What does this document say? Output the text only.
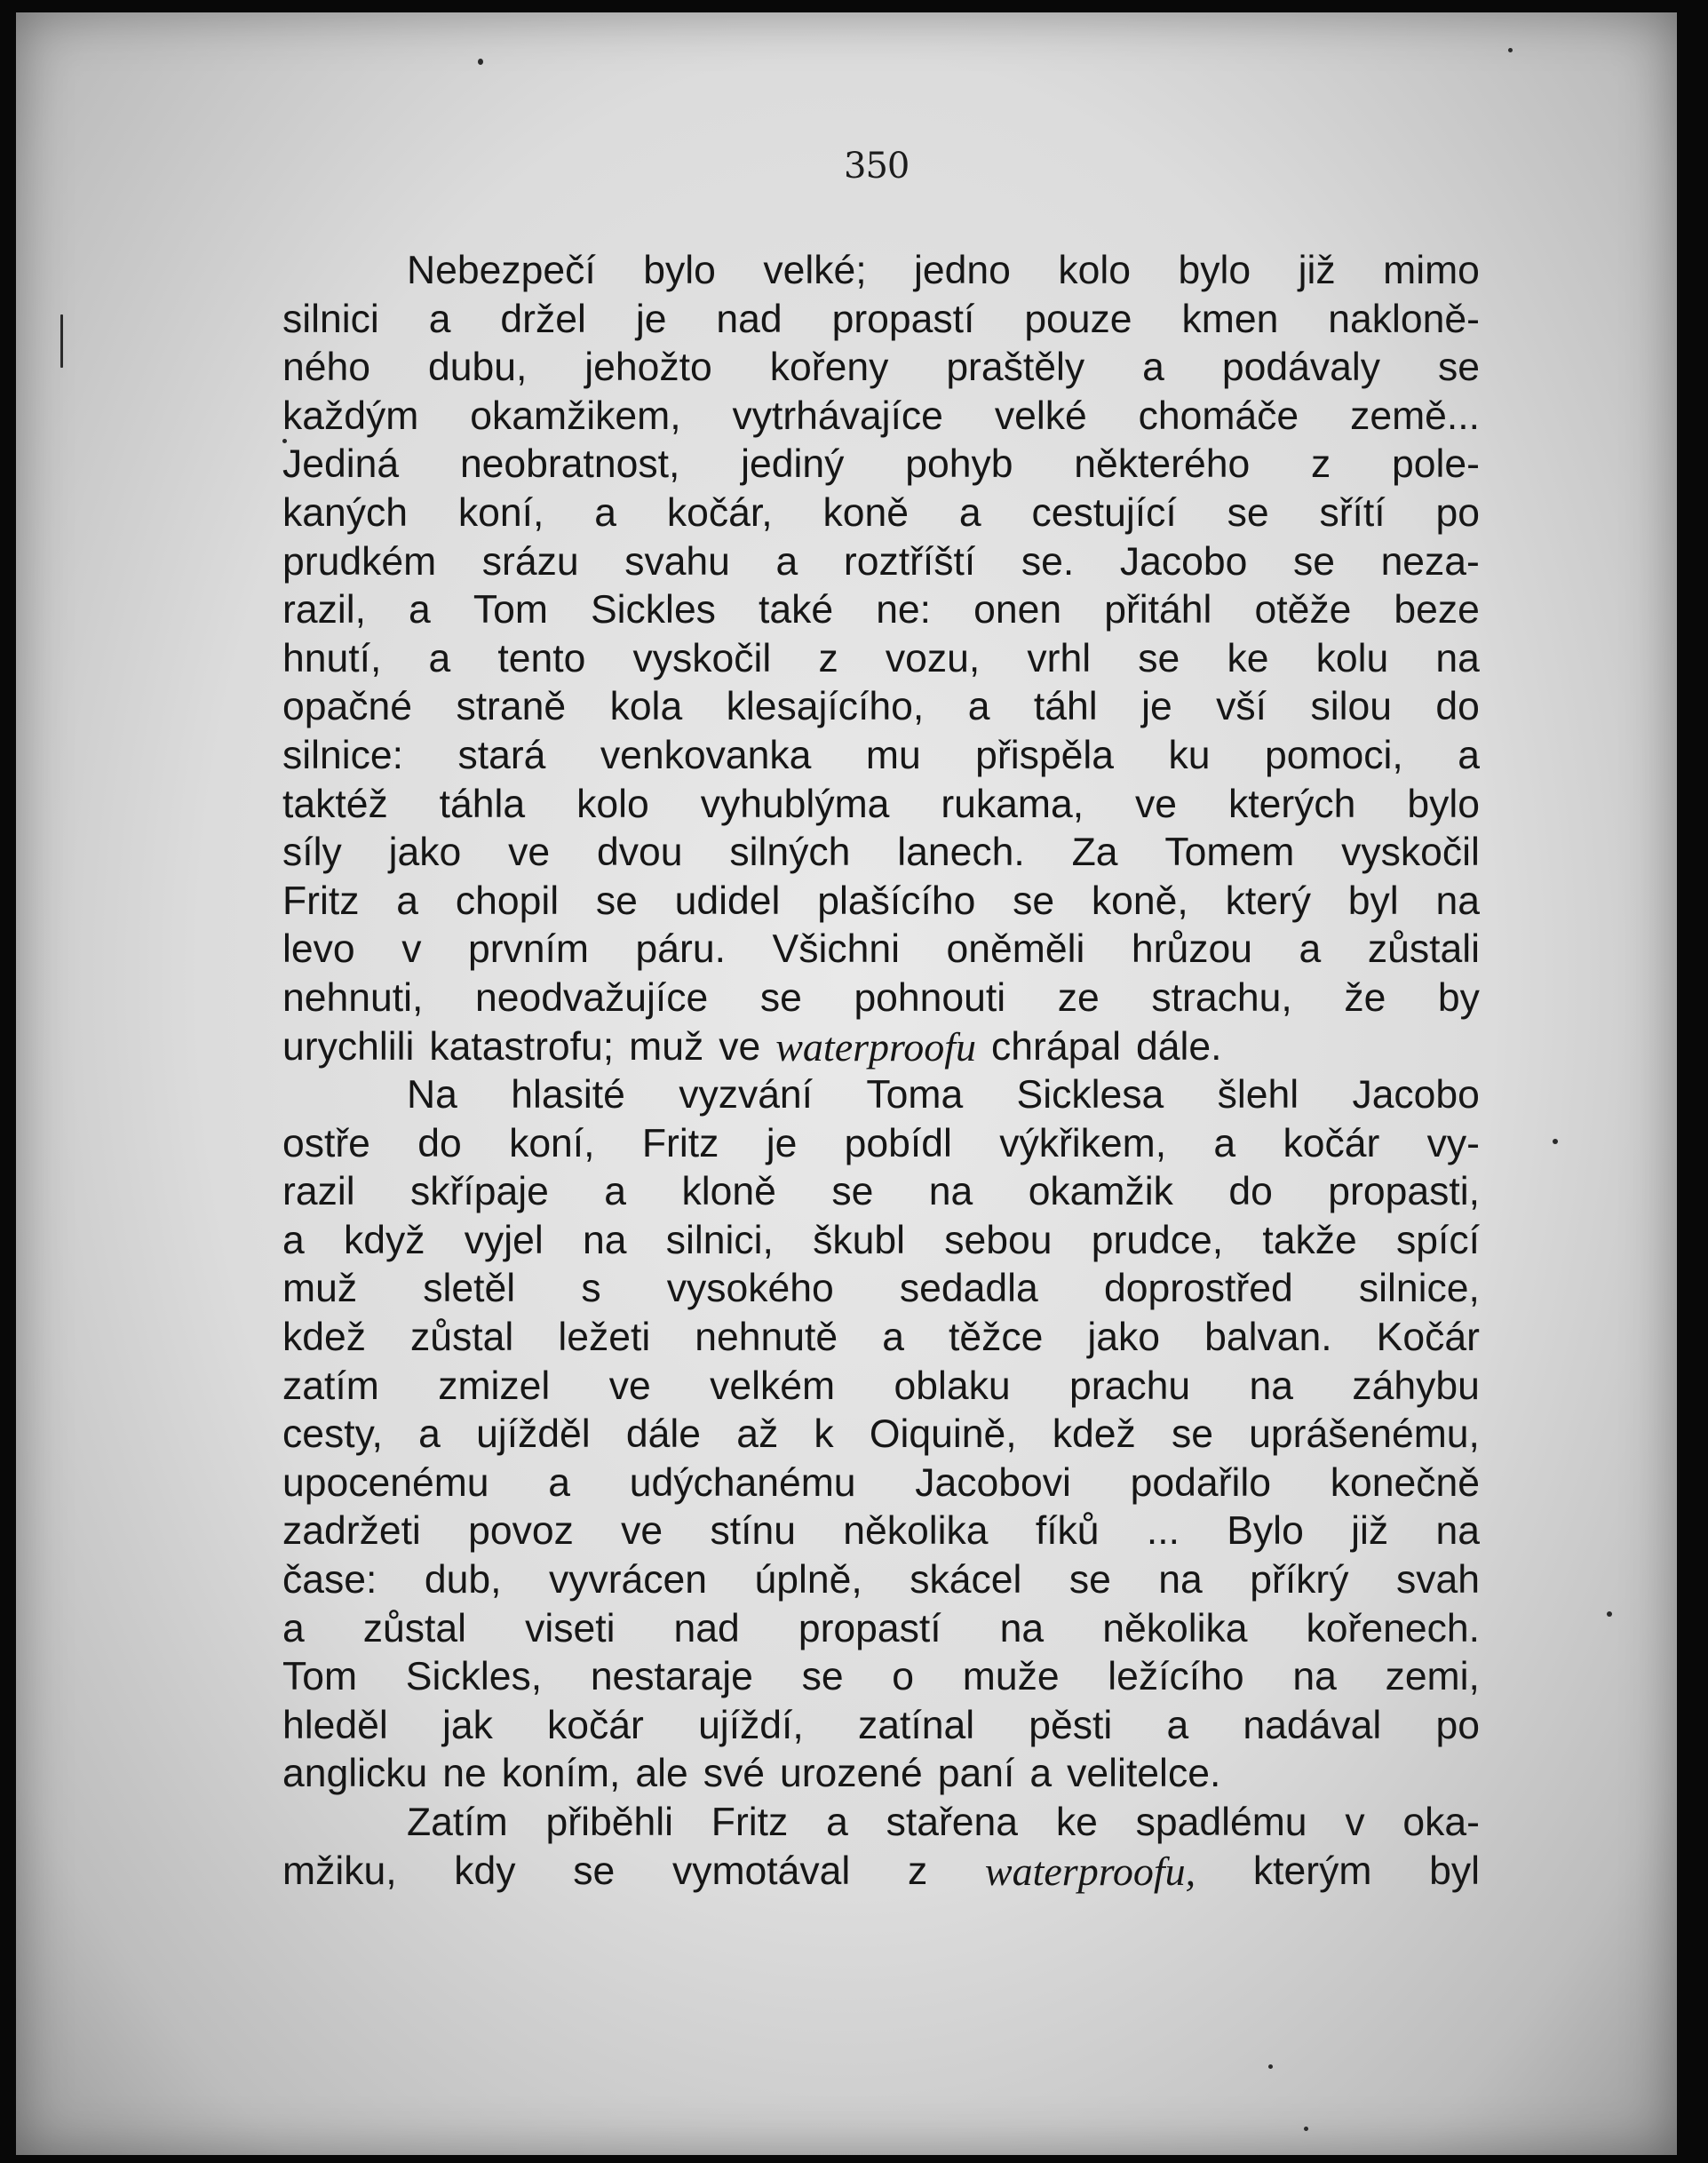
350
Nebezpečí bylo velké; jedno kolo bylo již mimo
silnici a držel je nad propastí pouze kmen nakloně-
ného dubu, jehožto kořeny praštěly a podávaly se
každým okamžikem, vytrhávajíce velké chomáče země...
Jediná neobratnost, jediný pohyb některého z pole-
kaných koní, a kočár, koně a cestující se sřítí po
prudkém srázu svahu a roztříští se. Jacobo se neza-
razil, a Tom Sickles také ne: onen přitáhl otěže beze
hnutí, a tento vyskočil z vozu, vrhl se ke kolu na
opačné straně kola klesajícího, a táhl je vší silou do
silnice: stará venkovanka mu přispěla ku pomoci, a
taktéž táhla kolo vyhublýma rukama, ve kterých bylo
síly jako ve dvou silných lanech. Za Tomem vyskočil
Fritz a chopil se udidel plašícího se koně, který byl na
levo v prvním páru. Všichni oněměli hrůzou a zůstali
nehnuti, neodvažujíce se pohnouti ze strachu, že by
urychlili katastrofu; muž ve waterproofu chrápal dále.
Na hlasité vyzvání Toma Sicklesa šlehl Jacobo
ostře do koní, Fritz je pobídl výkřikem, a kočár vy-
razil skřípaje a kloně se na okamžik do propasti,
a když vyjel na silnici, škubl sebou prudce, takže spící
muž sletěl s vysokého sedadla doprostřed silnice,
kdež zůstal ležeti nehnutě a těžce jako balvan. Kočár
zatím zmizel ve velkém oblaku prachu na záhybu
cesty, a ujížděl dále až k Oiquině, kdež se uprášenému,
upocenému a udýchanému Jacobovi podařilo konečně
zadržeti povoz ve stínu několika fíků ... Bylo již na
čase: dub, vyvrácen úplně, skácel se na příkrý svah
a zůstal viseti nad propastí na několika kořenech.
Tom Sickles, nestaraje se o muže ležícího na zemi,
hleděl jak kočár ujíždí, zatínal pěsti a nadával po
anglicku ne koním, ale své urozené paní a velitelce.
Zatím přiběhli Fritz a stařena ke spadlému v oka-
mžiku, kdy se vymotával z waterproofu, kterým byl
